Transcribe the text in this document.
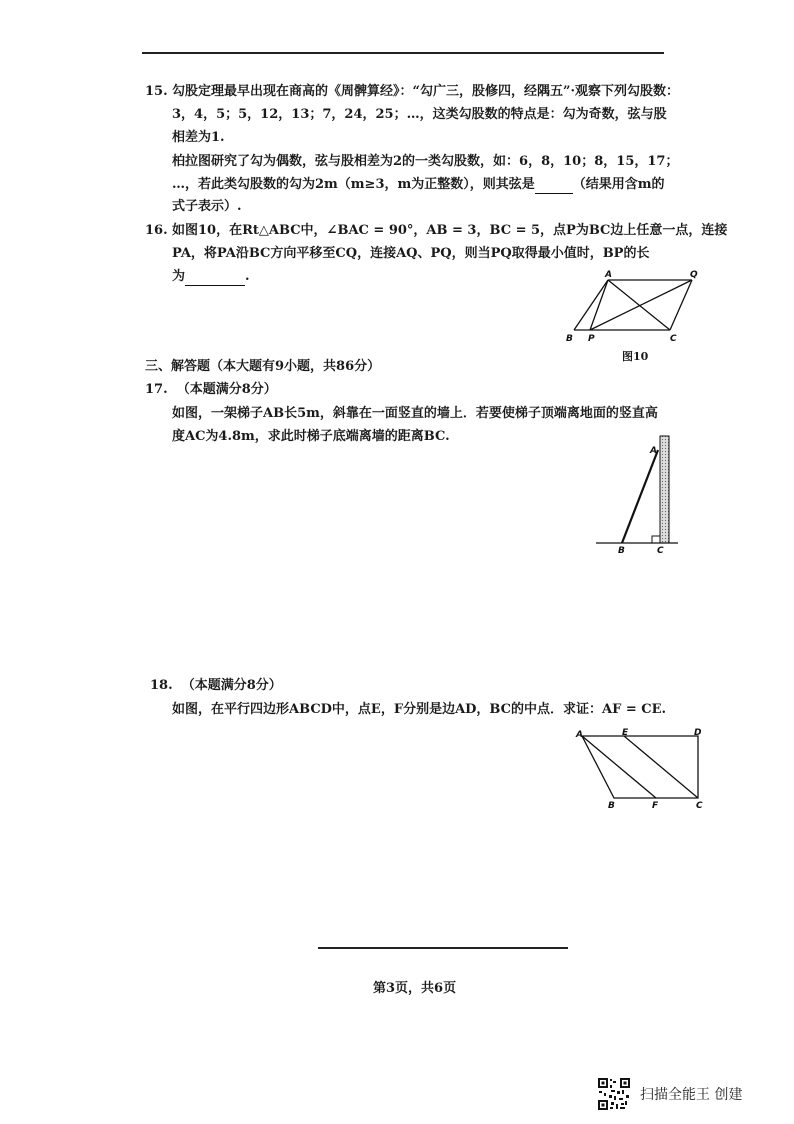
15. 勾股定理最早出现在商高的《周髀算经》：“勾广三，股修四，经隅五”·观察下列勾股数：
3，4，5；5，12，13；7，24，25；…，这类勾股数的特点是：勾为奇数，弦与股
相差为1.
柏拉图研究了勾为偶数，弦与股相差为2的一类勾股数，如：6，8，10；8，15，17；
…，若此类勾股数的勾为2m（m≥3，m为正整数），则其弦是	（结果用含m的
式子表示）.
16. 如图10，在Rt△ABC中，∠BAC = 90°，AB = 3，BC = 5，点P为BC边上任意一点，连接
PA，将PA沿BC方向平移至CQ，连接AQ、PQ，则当PQ取得最小值时，BP的长
为	.	A	Q
B P	C
图10
三、解答题（本大题有9小题，共86分）
17. （本题满分8分）
如图，一架梯子AB长5m，斜靠在一面竖直的墙上．若要使梯子顶端离地面的竖直高
度AC为4.8m，求此时梯子底端离墙的距离BC.
A
B	C
18. （本题满分8分）
如图，在平行四边形ABCD中，点E，F分别是边AD，BC的中点．求证：AF = CE.
A	E	D
B	F	C
第3页，共6页
扫描全能王 创建
